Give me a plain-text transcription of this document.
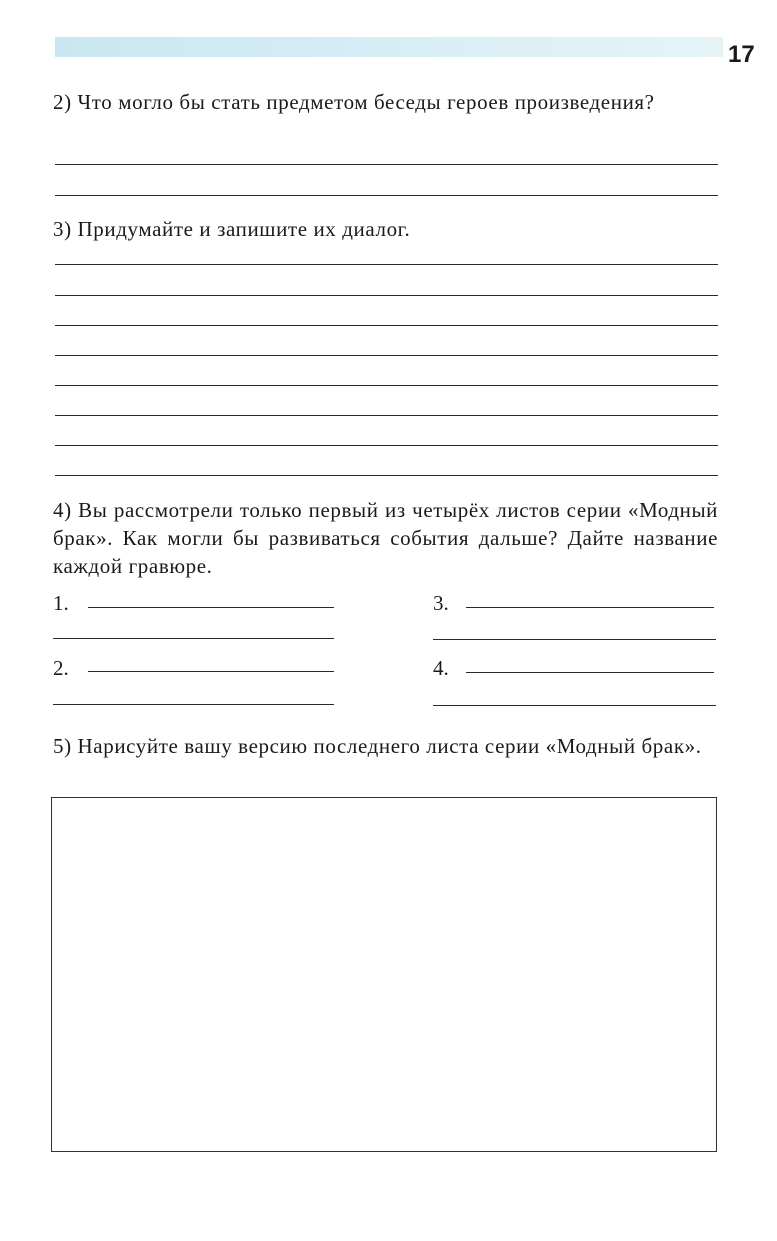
17
2) Что могло бы стать предметом беседы героев произведения?
3) Придумайте и запишите их диалог.
4) Вы рассмотрели только первый из четырёх листов серии «Модный брак». Как могли бы развиваться события дальше? Дайте название каждой гравюре.
1.
2.
3.
4.
5) Нарисуйте вашу версию последнего листа серии «Модный брак».
